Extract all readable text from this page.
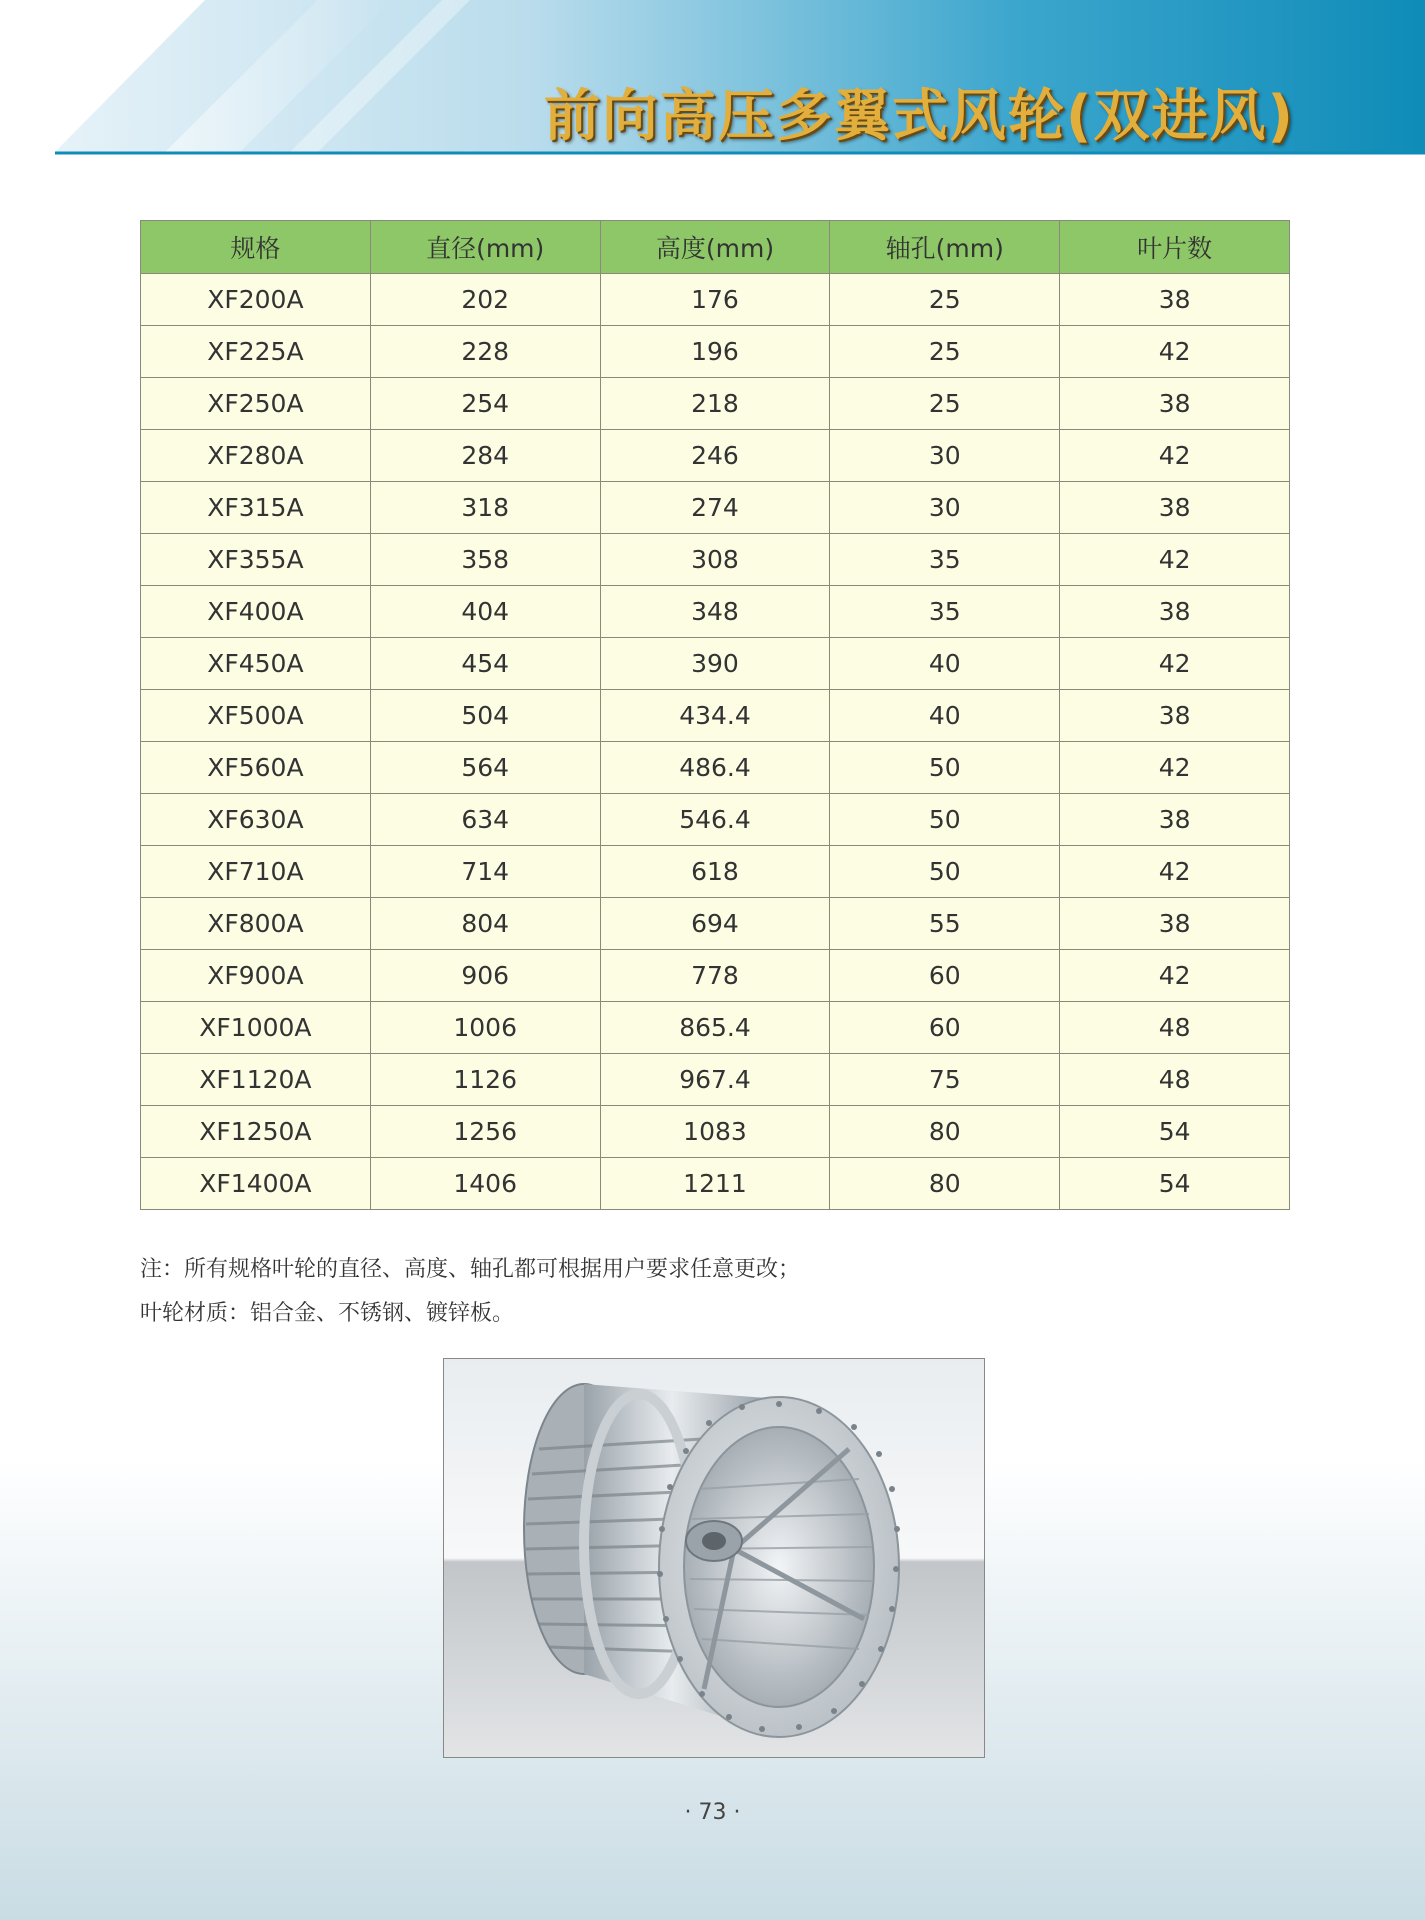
前向高压多翼式风轮(双进风)
规格	直径(mm)	高度(mm)	轴孔(mm)	叶片数
XF200A	202	176	25	38
XF225A	228	196	25	42
XF250A	254	218	25	38
XF280A	284	246	30	42
XF315A	318	274	30	38
XF355A	358	308	35	42
XF400A	404	348	35	38
XF450A	454	390	40	42
XF500A	504	434.4	40	38
XF560A	564	486.4	50	42
XF630A	634	546.4	50	38
XF710A	714	618	50	42
XF800A	804	694	55	38
XF900A	906	778	60	42
XF1000A	1006	865.4	60	48
XF1120A	1126	967.4	75	48
XF1250A	1256	1083	80	54
XF1400A	1406	1211	80	54
注：所有规格叶轮的直径、高度、轴孔都可根据用户要求任意更改；
叶轮材质：铝合金、不锈钢、镀锌板。
· 73 ·
